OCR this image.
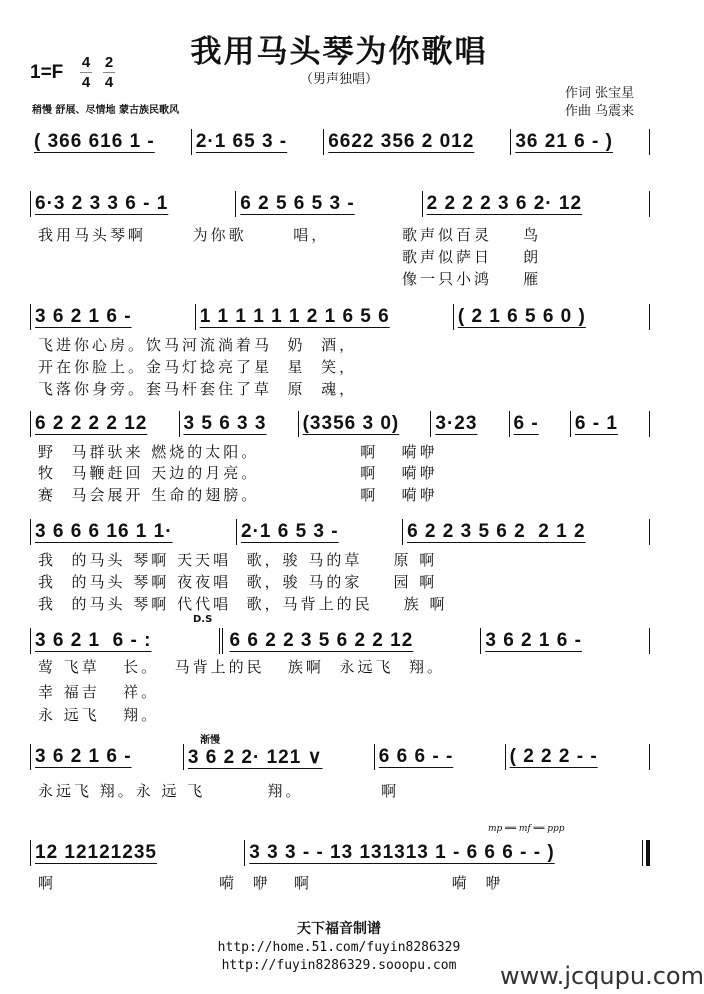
我用马头琴为你歌唱
（男声独唱）
1=F 4
4
2
4
稍慢 舒展、尽情地 蒙古族民歌风
作词 张宝星
作曲 乌震来
( 366 616 1 -	2·1 65 3 -	6622 356 2 012	36 21 6 - )
6·3 2 3 3 6 - 1	6 2 5 6 5 3 -	2 2 2 2 3 6 2· 12
我用马头琴啊      为你歌      唱，	歌声似百灵    鸟
歌声似萨日    朗
像一只小鸿    雁
3 6 2 1 6 -	1 1 1 1 1 1 2 1 6 5 6	( 2 1 6 5 6 0 )
飞进你心房。饮马河流淌着马  奶  酒，
开在你脸上。金马灯捻亮了星  星  笑，
飞落你身旁。套马杆套住了草  原  魂，
6 2 2 2 2 12	3 5 6 3 3	(3356 3 0)	3·23	6 -	6 - 1
野  马群驮来 燃烧的太阳。             啊   嗬咿
牧  马鞭赶回 天边的月亮。             啊   嗬咿
赛  马会展开 生命的翅膀。             啊   嗬咿
3 6 6 6 16 1 1·	2·1 6 5 3 -	6 2 2 3 5 6 2  2 1 2
我  的马头 琴啊 天天唱  歌，骏 马的草    原 啊
我  的马头 琴啊 夜夜唱  歌，骏 马的家    园 啊
我  的马头 琴啊 代代唱  歌，马背上的民    族 啊
3 6 2 1  6 - :	6 6 2 2 3 5 6 2 2 12	3 6 2 1 6 -
莺 飞草   长。  马背上的民   族啊  永远飞  翔。
幸 福吉   祥。
永 远飞   翔。
3 6 2 1 6 -	3 6 2 2· 121 ∨	6 6 6 - -	( 2 2 2 - -
永远飞 翔。永 远 飞        翔。          啊
12 12121235	3 3 3 - - 13 131313 1 - 6 6 6 - - )
啊                     嗬  咿   啊                  嗬  咿
mp ══ mf ══ ppp
D.S
渐慢
天下福音制谱
http://home.51.com/fuyin8286329
http://fuyin8286329.sooopu.com www.jcqupu.com
